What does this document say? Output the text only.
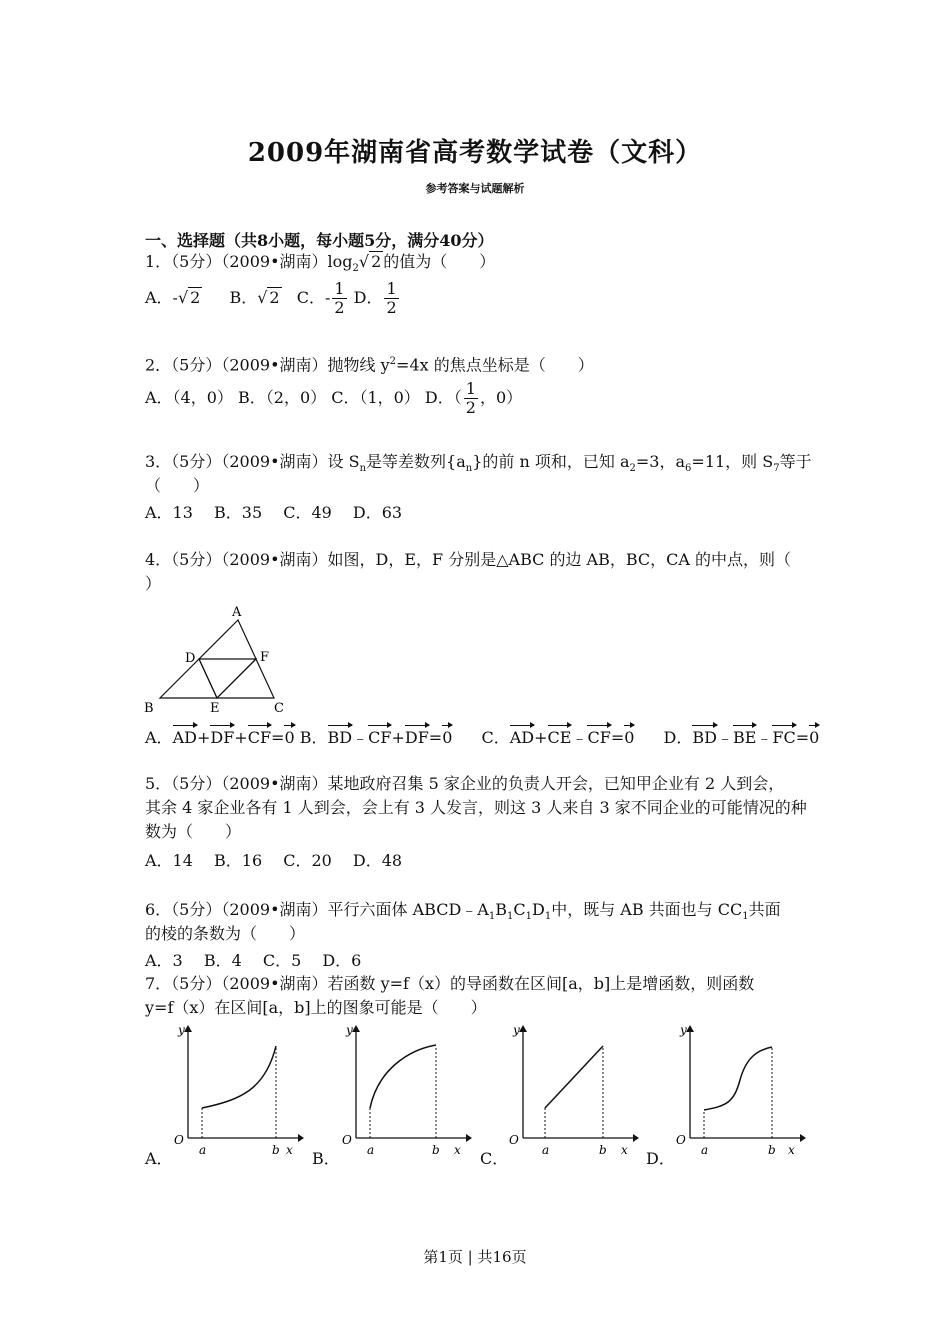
2009年湖南省高考数学试卷（文科）
参考答案与试题解析
一、选择题（共8小题，每小题5分，满分40分）
1．（5分）（2009•湖南）$\log_2√$ 2 的值为（　　）
A．-√ 2 B．√ 2 C．- $\frac{1}{2}$ D． $\frac{1}{2}$
2．（5分）（2009•湖南）抛物线 $y^2=4x$ 的焦点坐标是（　　）
A．（4，0） B．（2，0） C．（1，0） D．（ $\frac{1}{2}$ ，0）
3．（5分）（2009•湖南）设 $S_n$是等差数列$\{a_n\}$的前 n 项和，已知 $a_2=3$，$a_6=11$，则 $S_7$等于
（　　）
A．13　 B．35　 C．49　 D．63
4．（5分）（2009•湖南）如图，D，E，F 分别是△ABC 的边 AB，BC，CA 的中点，则（
）
A
D	F
B	E	C
A．AD+DF+CF=0 B．BD﹣CF+DF=0 C．AD+CE﹣CF=0 D．BD﹣BE﹣FC=0
5．（5分）（2009•湖南）某地政府召集 5 家企业的负责人开会，已知甲企业有 2 人到会，
其余 4 家企业各有 1 人到会，会上有 3 人发言，则这 3 人来自 3 家不同企业的可能情况的种
数为（　　）
A．14　 B．16　 C．20　 D．48
6．（5分）（2009•湖南）平行六面体 $ABCD﹣A_1B_1C_1D_1$中，既与 AB 共面也与 $CC_1$共面
的棱的条数为（　　）
A．3　 B．4　 C．5　 D．6
7．（5分）（2009•湖南）若函数 y=f（x）的导函数在区间[a，b]上是增函数，则函数
y=f（x）在区间[a，b]上的图象可能是（　　）
A．
y
O
a	b x B．
y
O
a	b x C．
y
O
a	b x D．
y
O
a	b x
第1页 | 共16页
